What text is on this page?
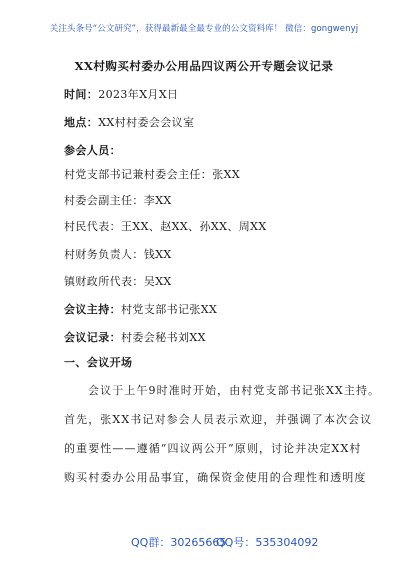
关注头条号“公文研究”，获得最新最全最专业的公文资料库！ 微信：gongwenyj
XX村购买村委办公用品四议两公开专题会议记录
时间：2023年X月X日
地点：XX村村委会会议室
参会人员：
村党支部书记兼村委会主任：张XX
村委会副主任：李XX
村民代表：王XX、赵XX、孙XX、周XX
村财务负责人：钱XX
镇财政所代表：吴XX
会议主持：村党支部书记张XX
会议记录：村委会秘书刘XX
一、会议开场
会议于上午9时准时开始，由村党支部书记张XX主持。
首先，张XX书记对参会人员表示欢迎，并强调了本次会议
的重要性——遵循“四议两公开”原则，讨论并决定XX村
购买村委办公用品事宜，确保资金使用的合理性和透明度
QQ群：30265665
QQ号：535304092
